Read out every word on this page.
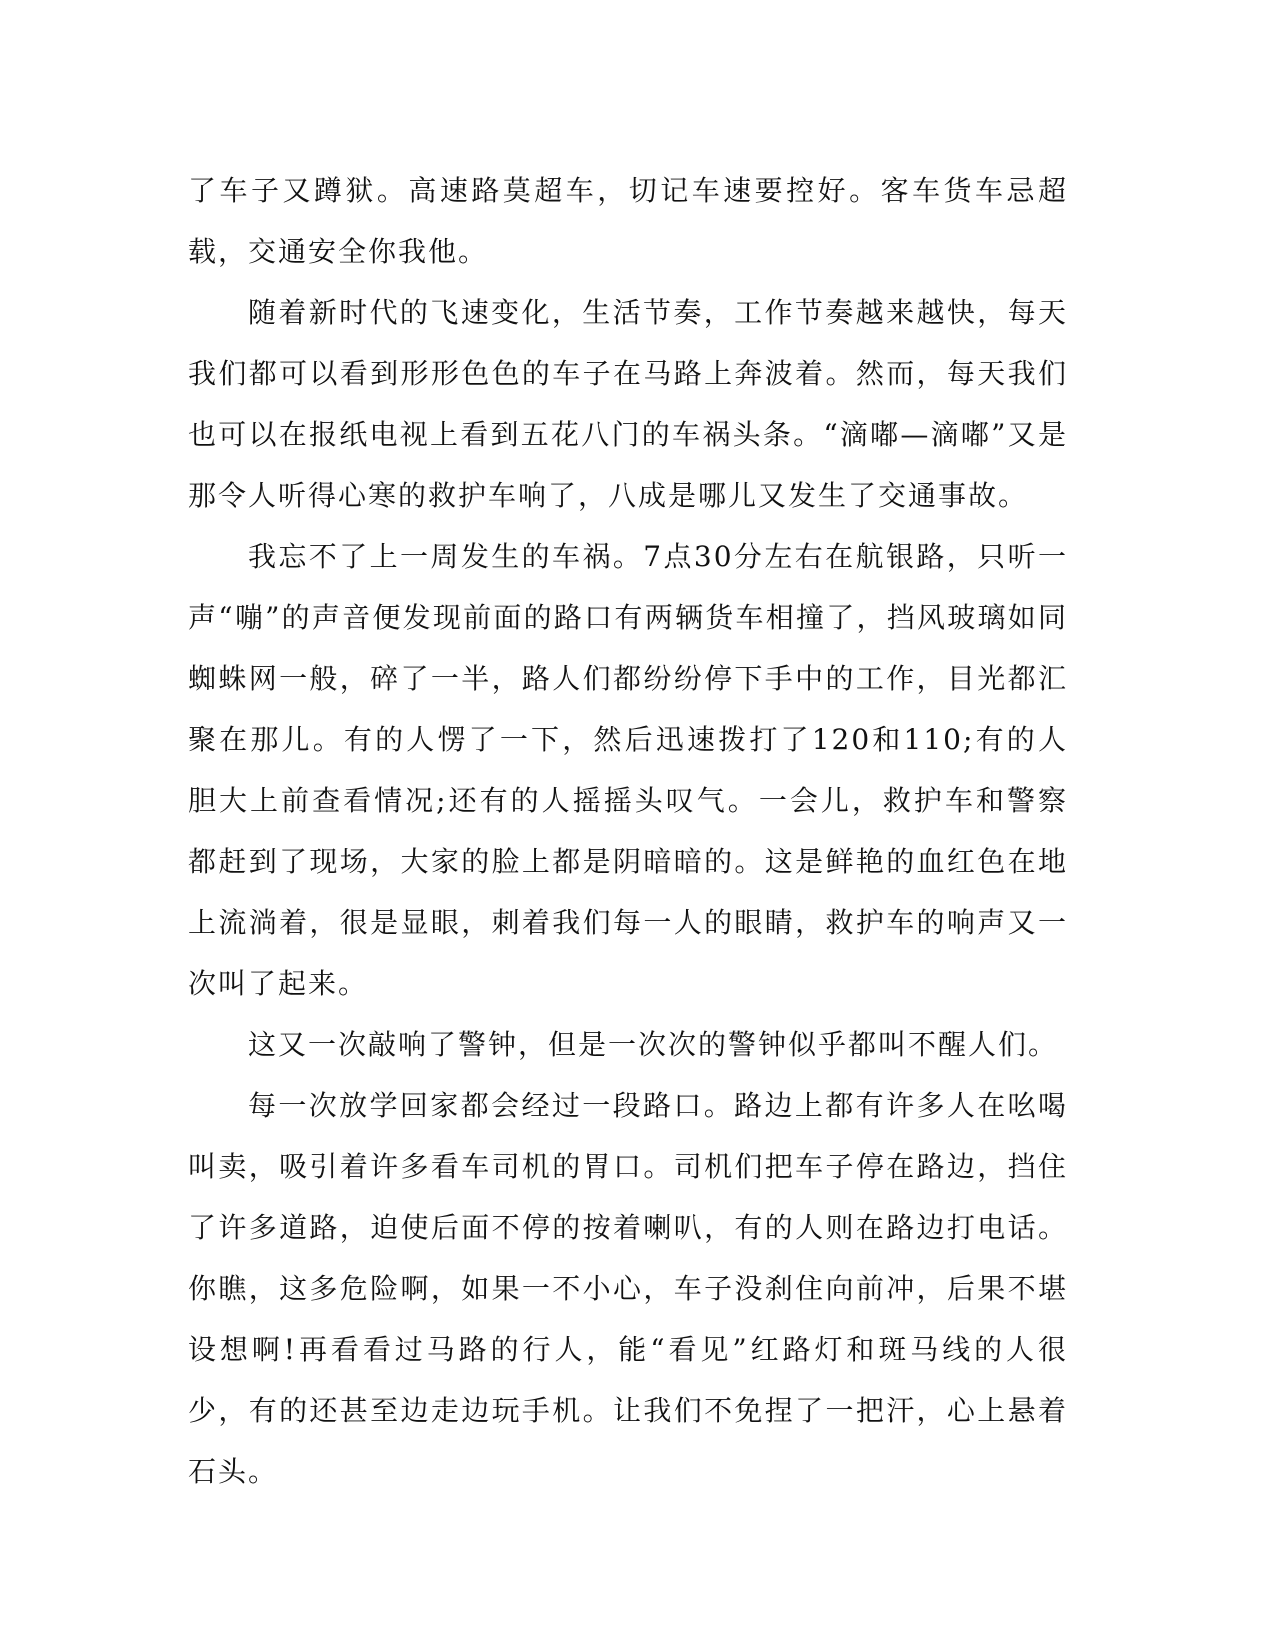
了车子又蹲狱。高速路莫超车，切记车速要控好。客车货车忌超载，交通安全你我他。

随着新时代的飞速变化，生活节奏，工作节奏越来越快，每天我们都可以看到形形色色的车子在马路上奔波着。然而，每天我们也可以在报纸电视上看到五花八门的车祸头条。“滴嘟—滴嘟”又是那令人听得心寒的救护车响了，八成是哪儿又发生了交通事故。

我忘不了上一周发生的车祸。7点30分左右在航银路，只听一声“嘣”的声音便发现前面的路口有两辆货车相撞了，挡风玻璃如同蜘蛛网一般，碎了一半，路人们都纷纷停下手中的工作，目光都汇聚在那儿。有的人愣了一下，然后迅速拨打了120和110;有的人胆大上前查看情况;还有的人摇摇头叹气。一会儿，救护车和警察都赶到了现场，大家的脸上都是阴暗暗的。这是鲜艳的血红色在地上流淌着，很是显眼，刺着我们每一人的眼睛，救护车的响声又一次叫了起来。

这又一次敲响了警钟，但是一次次的警钟似乎都叫不醒人们。

每一次放学回家都会经过一段路口。路边上都有许多人在吆喝叫卖，吸引着许多看车司机的胃口。司机们把车子停在路边，挡住了许多道路，迫使后面不停的按着喇叭，有的人则在路边打电话。你瞧，这多危险啊，如果一不小心，车子没刹住向前冲，后果不堪设想啊!再看看过马路的行人，能“看见”红路灯和斑马线的人很少，有的还甚至边走边玩手机。让我们不免捏了一把汗，心上悬着石头。
